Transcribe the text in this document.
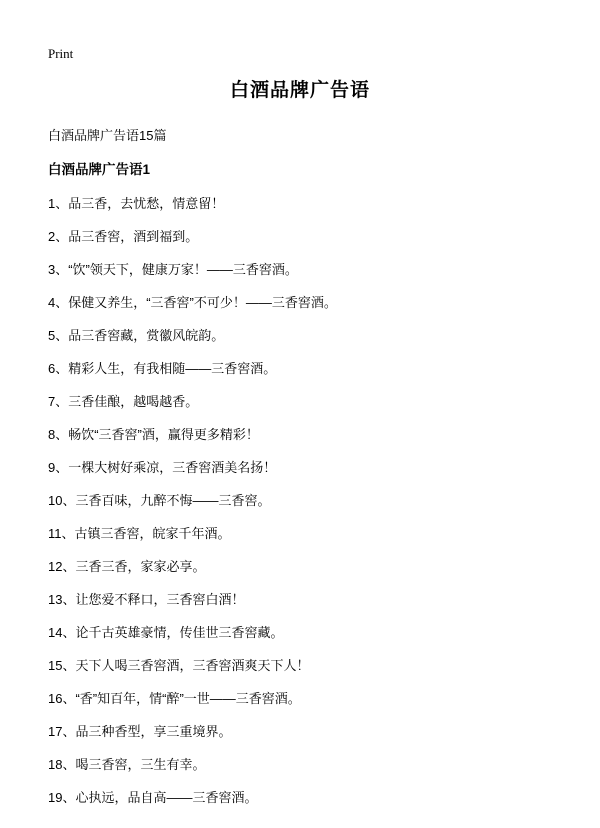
Print
白酒品牌广告语

白酒品牌广告语15篇

白酒品牌广告语1

1、品三香，去忧愁，情意留！

2、品三香窖，酒到福到。

3、“饮”领天下，健康万家！——三香窖酒。

4、保健又养生，“三香窖”不可少！——三香窖酒。

5、品三香窖藏，赏徽风皖韵。

6、精彩人生，有我相随——三香窖酒。

7、三香佳酿，越喝越香。

8、畅饮“三香窖”酒，赢得更多精彩！

9、一棵大树好乘凉，三香窖酒美名扬！

10、三香百味，九醉不悔——三香窖。

11、古镇三香窖，皖家千年酒。

12、三香三香，家家必享。

13、让您爱不释口，三香窖白酒！

14、论千古英雄豪情，传佳世三香窖藏。

15、天下人喝三香窖酒，三香窖酒爽天下人！

16、“香”知百年，情“醉”一世——三香窖酒。

17、品三种香型，享三重境界。

18、喝三香窖，三生有幸。

19、心执远，品自高——三香窖酒。
